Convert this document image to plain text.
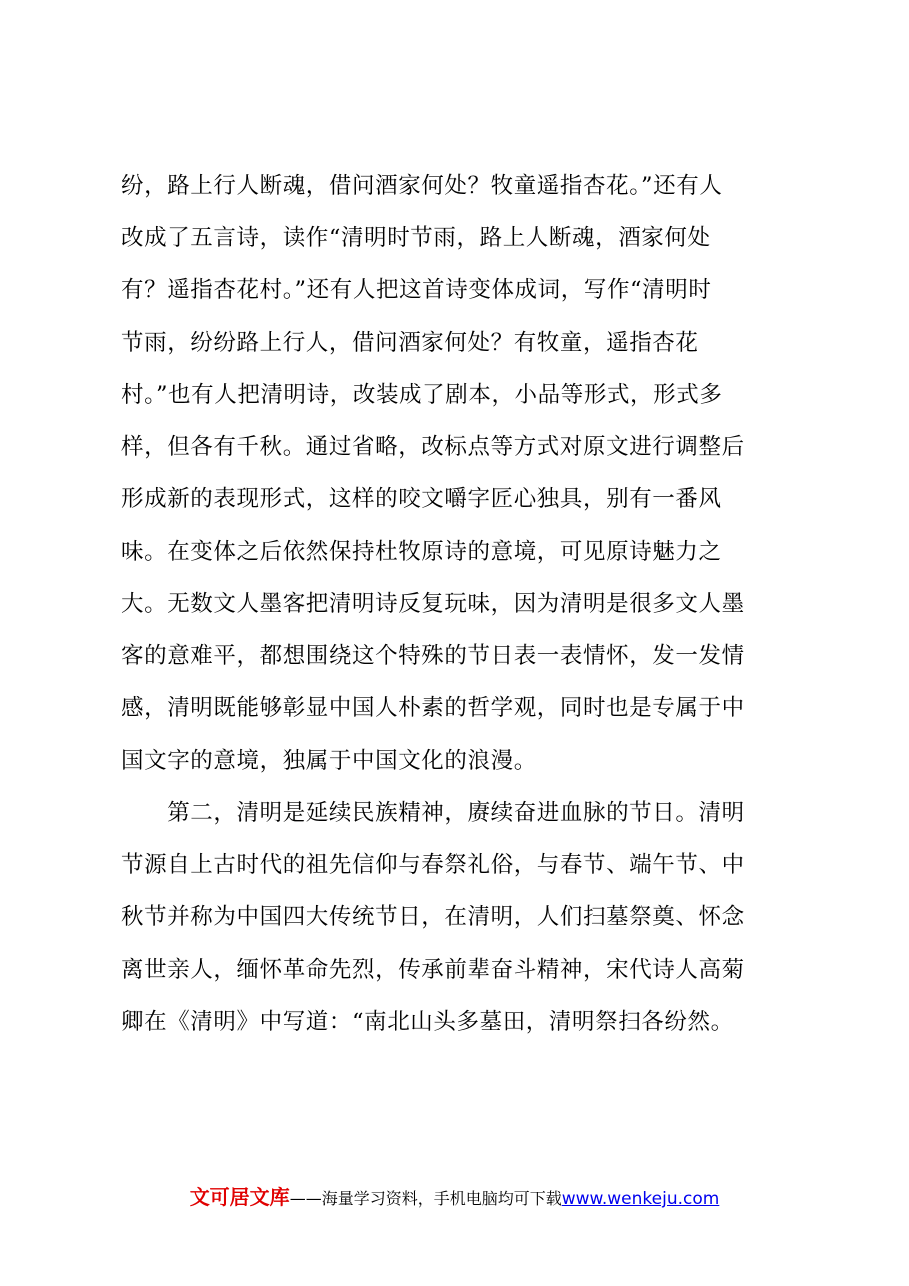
纷，路上行人断魂，借问酒家何处？牧童遥指杏花。”还有人
改成了五言诗，读作“清明时节雨，路上人断魂，酒家何处
有？遥指杏花村。”还有人把这首诗变体成词，写作“清明时
节雨，纷纷路上行人，借问酒家何处？有牧童，遥指杏花
村。”也有人把清明诗，改装成了剧本，小品等形式，形式多
样，但各有千秋。通过省略，改标点等方式对原文进行调整后
形成新的表现形式，这样的咬文嚼字匠心独具，别有一番风
味。在变体之后依然保持杜牧原诗的意境，可见原诗魅力之
大。无数文人墨客把清明诗反复玩味，因为清明是很多文人墨
客的意难平，都想围绕这个特殊的节日表一表情怀，发一发情
感，清明既能够彰显中国人朴素的哲学观，同时也是专属于中
国文字的意境，独属于中国文化的浪漫。
　　第二，清明是延续民族精神，赓续奋进血脉的节日。清明
节源自上古时代的祖先信仰与春祭礼俗，与春节、端午节、中
秋节并称为中国四大传统节日，在清明，人们扫墓祭奠、怀念
离世亲人，缅怀革命先烈，传承前辈奋斗精神，宋代诗人高菊
卿在《清明》中写道：“南北山头多墓田，清明祭扫各纷然。
文可居文库——海量学习资料，手机电脑均可下载www.wenkeju.com
